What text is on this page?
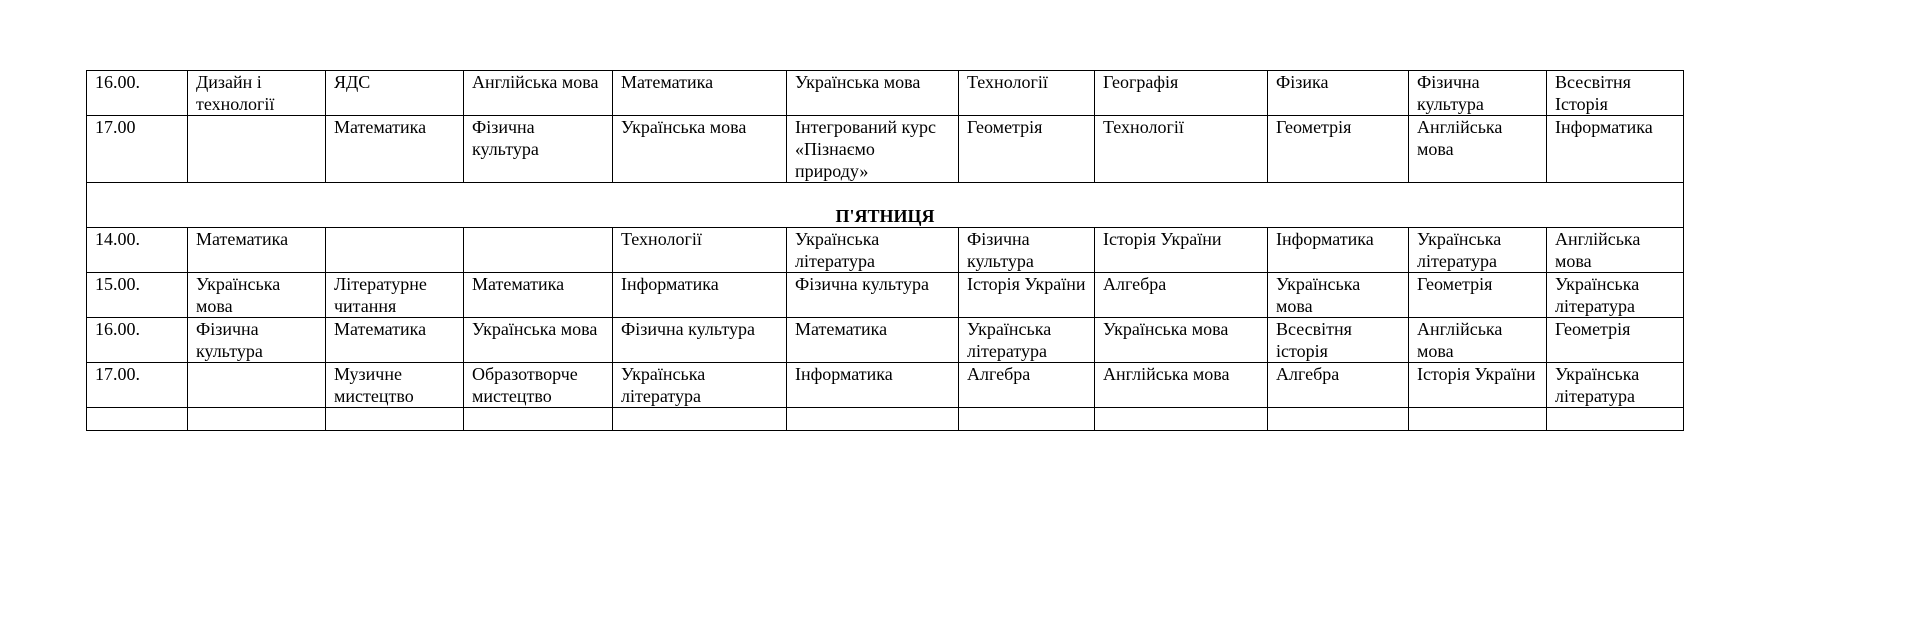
16.00.	Дизайн і технології	ЯДС	Англійська мова	Математика	Українська мова	Технології	Географія	Фізика	Фізична культура	Всесвітня Історія
17.00		Математика	Фізична культура	Українська мова	Інтегрований курс «Пізнаємо природу»	Геометрія	Технології	Геометрія	Англійська мова	Інформатика
П'ЯТНИЦЯ										
14.00.	Математика			Технології	Українська література	Фізична культура	Історія України	Інформатика	Українська література	Англійська мова
15.00.	Українська мова	Літературне читання	Математика	Інформатика	Фізична культура	Історія України	Алгебра	Українська мова	Геометрія	Українська література
16.00.	Фізична культура	Математика	Українська мова	Фізична культура	Математика	Українська література	Українська мова	Всесвітня історія	Англійська мова	Геометрія
17.00.		Музичне мистецтво	Образотворче мистецтво	Українська література	Інформатика	Алгебра	Англійська мова	Алгебра	Історія України	Українська література
